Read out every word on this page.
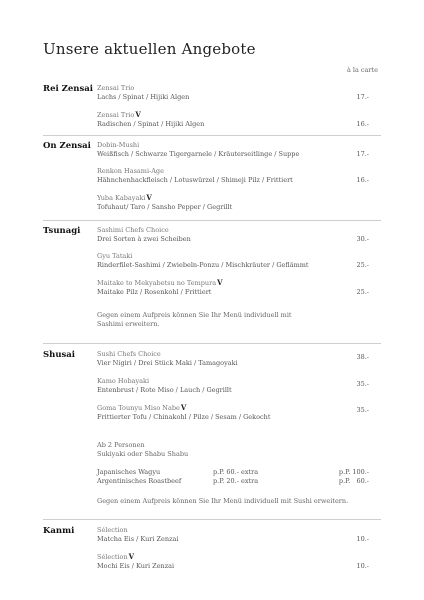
Unsere aktuellen Angebote
à la carte
Rei Zensai Zensai Trio
Lachs / Spinat / Hijiki Algen	17.-
Zensai TrioV
Radischen / Spinat / Hijiki Algen	16.-
On Zensai Dobin-Mushi
Weißfisch / Schwarze Tigergarnele / Kräuterseitlinge / Suppe	17.-
Renkon Hasami-Age
Hähnchenhackfleisch / Lotuswürzel / Shimeji Pilz / Frittiert	16.-
Yuba KabayakiV
Tofuhaut/ Taro / Sansho Pepper / Gegrillt
Tsunagi	Sashimi Chefs Choice
Drei Sorten à zwei Scheiben	30.-
Gyu Tataki
Rinderfilet-Sashimi / Zwiebeln-Ponzu / Mischkräuter / Geflämmt	25.-
Maitake to Mekyabetsu no TempuraV
Maitake Pilz / Rosenkohl / Frittiert	25.-
Gegen einem Aufpreis können Sie Ihr Menü individuell mit
Sashimi erweitern.
Shusai	Sushi Chefs Choice
Vier Nigiri / Drei Stück Maki / Tamagoyaki
38.-
Kamo Hobayaki
Entenbrust / Rote Miso / Lauch / Gegrillt
35.-
Goma Tounyu Miso NabeV
Frittierter Tofu / Chinakohl / Pilze / Sesam / Gekocht
35.-
Ab 2 Personen
Sukiyaki oder Shabu Shabu
Japanisches Wagyu	p.P. 60.- extra	p.P. 100.-
Argentinisches Roastbeef	p.P. 20.- extra	p.P.   60.-
Gegen einem Aufpreis können Sie Ihr Menü individuell mit Sushi erweitern.
Kanmi	Sélection
Matcha Eis / Kuri Zenzai	10.-
SélectionV
Mochi Eis / Kuri Zenzai	10.-
